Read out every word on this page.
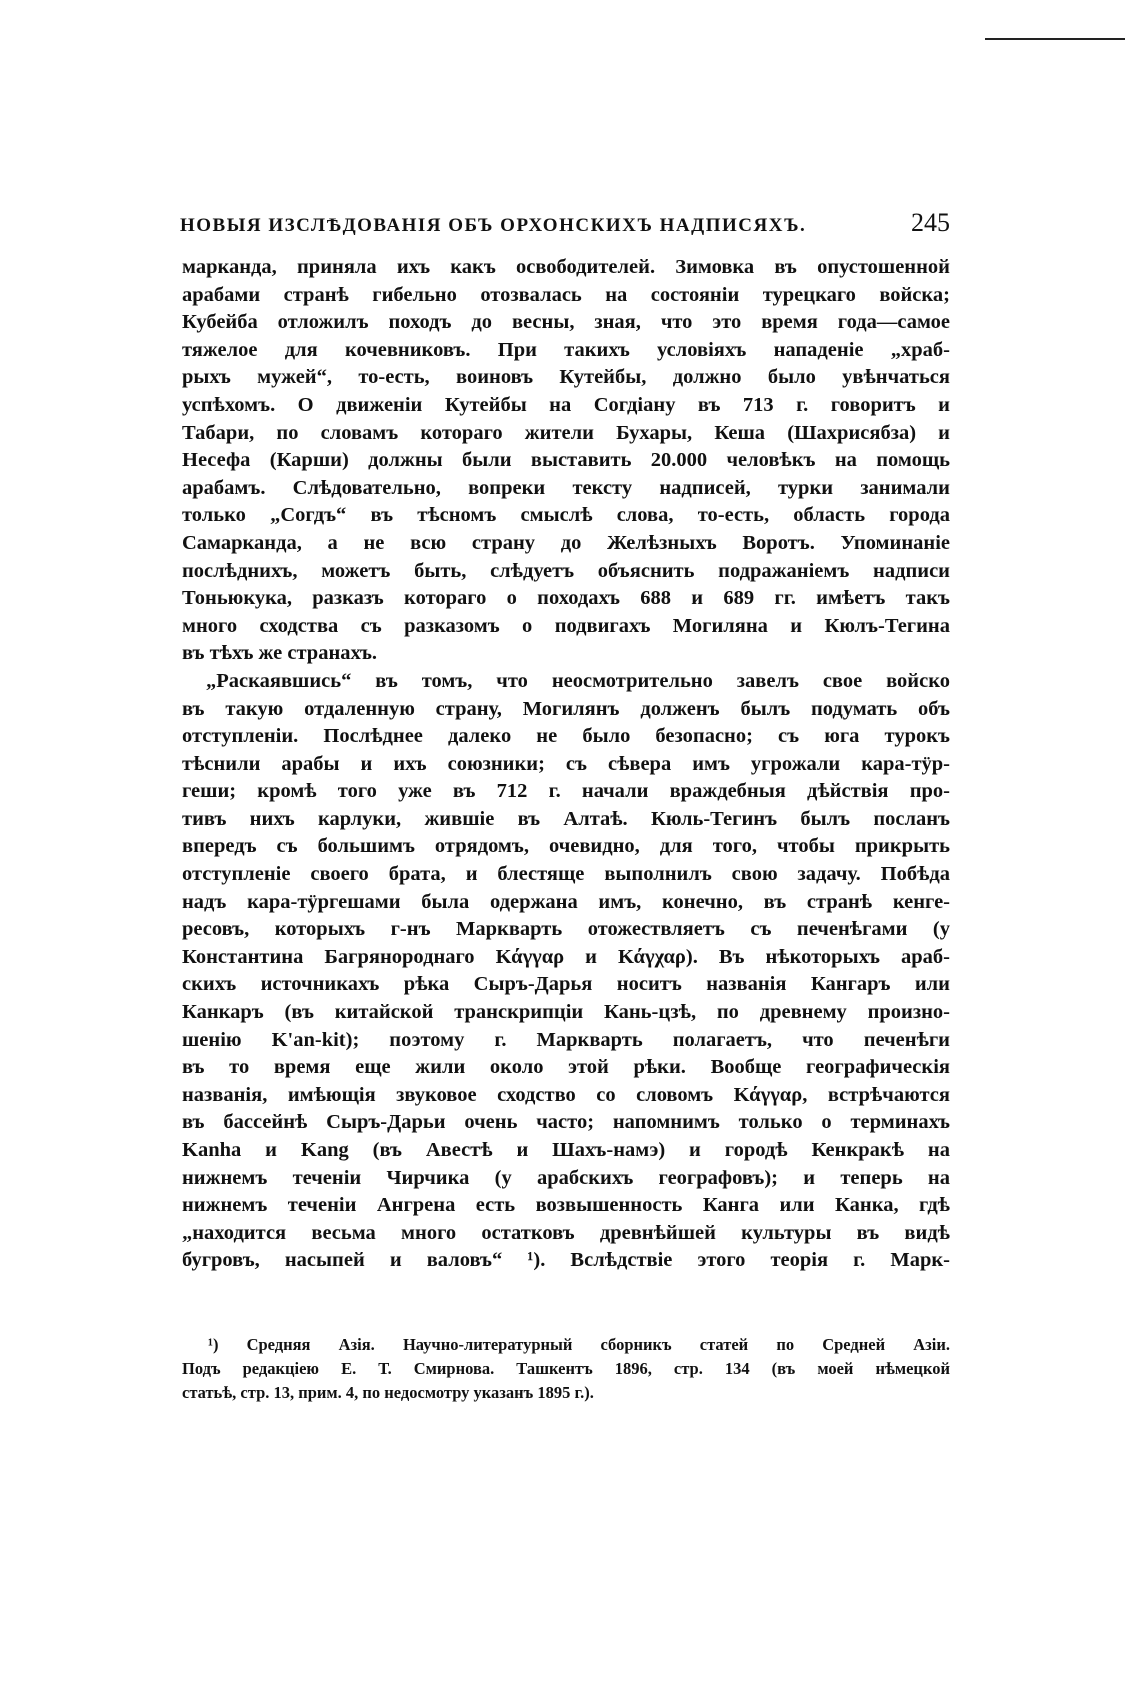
НОВЫЯ ИЗСЛѢДОВАНІЯ ОБЪ ОРХОНСКИХЪ НАДПИСЯХЪ.	245
марканда, приняла ихъ какъ освободителей. Зимовка въ опустошенной
арабами странѣ гибельно отозвалась на состояніи турецкаго войска;
Кубейба отложилъ походъ до весны, зная, что это время года—самое
тяжелое для кочевниковъ. При такихъ условіяхъ нападеніе „храб-
рыхъ мужей“, то-есть, воиновъ Кутейбы, должно было увѣнчаться
успѣхомъ. О движеніи Кутейбы на Согдіану въ 713 г. говоритъ и
Табари, по словамъ котораго жители Бухары, Кеша (Шахрисябза) и
Несефа (Карши) должны были выставить 20.000 человѣкъ на помощь
арабамъ. Слѣдовательно, вопреки тексту надписей, турки занимали
только „Согдъ“ въ тѣсномъ смыслѣ слова, то-есть, область города
Самарканда, а не всю страну до Желѣзныхъ Воротъ. Упоминаніе
послѣднихъ, можетъ быть, слѣдуетъ объяснить подражаніемъ надписи
Тоньюкука, разказъ котораго о походахъ 688 и 689 гг. имѣетъ такъ
много сходства съ разказомъ о подвигахъ Могиляна и Кюлъ-Тегина
въ тѣхъ же странахъ.
„Раскаявшись“ въ томъ, что неосмотрительно завелъ свое войско
въ такую отдаленную страну, Могилянъ долженъ былъ подумать объ
отступленіи. Послѣднее далеко не было безопасно; съ юга турокъ
тѣснили арабы и ихъ союзники; съ сѣвера имъ угрожали кара-тӱр-
геши; кромѣ того уже въ 712 г. начали враждебныя дѣйствія про-
тивъ нихъ карлуки, жившіе въ Алтаѣ. Кюль-Тегинъ былъ посланъ
впередъ съ большимъ отрядомъ, очевидно, для того, чтобы прикрыть
отступленіе своего брата, и блестяще выполнилъ свою задачу. Побѣда
надъ кара-тӱргешами была одержана имъ, конечно, въ странѣ кенге-
ресовъ, которыхъ г-нъ Маркварть отожествляетъ съ печенѣгами (у
Константина Багрянороднаго Κάγγαρ и Κάγχαρ). Въ нѣкоторыхъ араб-
скихъ источникахъ рѣка Сыръ-Дарья носитъ названія Кангаръ или
Канкаръ (въ китайской транскрипціи Кань-цзѣ, по древнему произно-
шенію K'an-kit); поэтому г. Маркварть полагаетъ, что печенѣги
въ то время еще жили около этой рѣки. Вообще географическія
названія, имѣющія звуковое сходство со словомъ Κάγγαρ, встрѣчаются
въ бассейнѣ Сыръ-Дарьи очень часто; напомнимъ только о терминахъ
Kanha и Kang (въ Авестѣ и Шахъ-намэ) и городѣ Кенкракѣ на
нижнемъ теченіи Чирчика (у арабскихъ географовъ); и теперь на
нижнемъ теченіи Ангрена есть возвышенность Канга или Канка, гдѣ
„находится весьма много остатковъ древнѣйшей культуры въ видѣ
бугровъ, насыпей и валовъ“ ¹). Вслѣдствіе этого теорія г. Марк-
¹) Средняя Азія. Научно-литературный сборникъ статей по Средней Азіи.
Подъ редакціею Е. Т. Смирнова. Ташкентъ 1896, стр. 134 (въ моей нѣмецкой
статьѣ, стр. 13, прим. 4, по недосмотру указанъ 1895 г.).
